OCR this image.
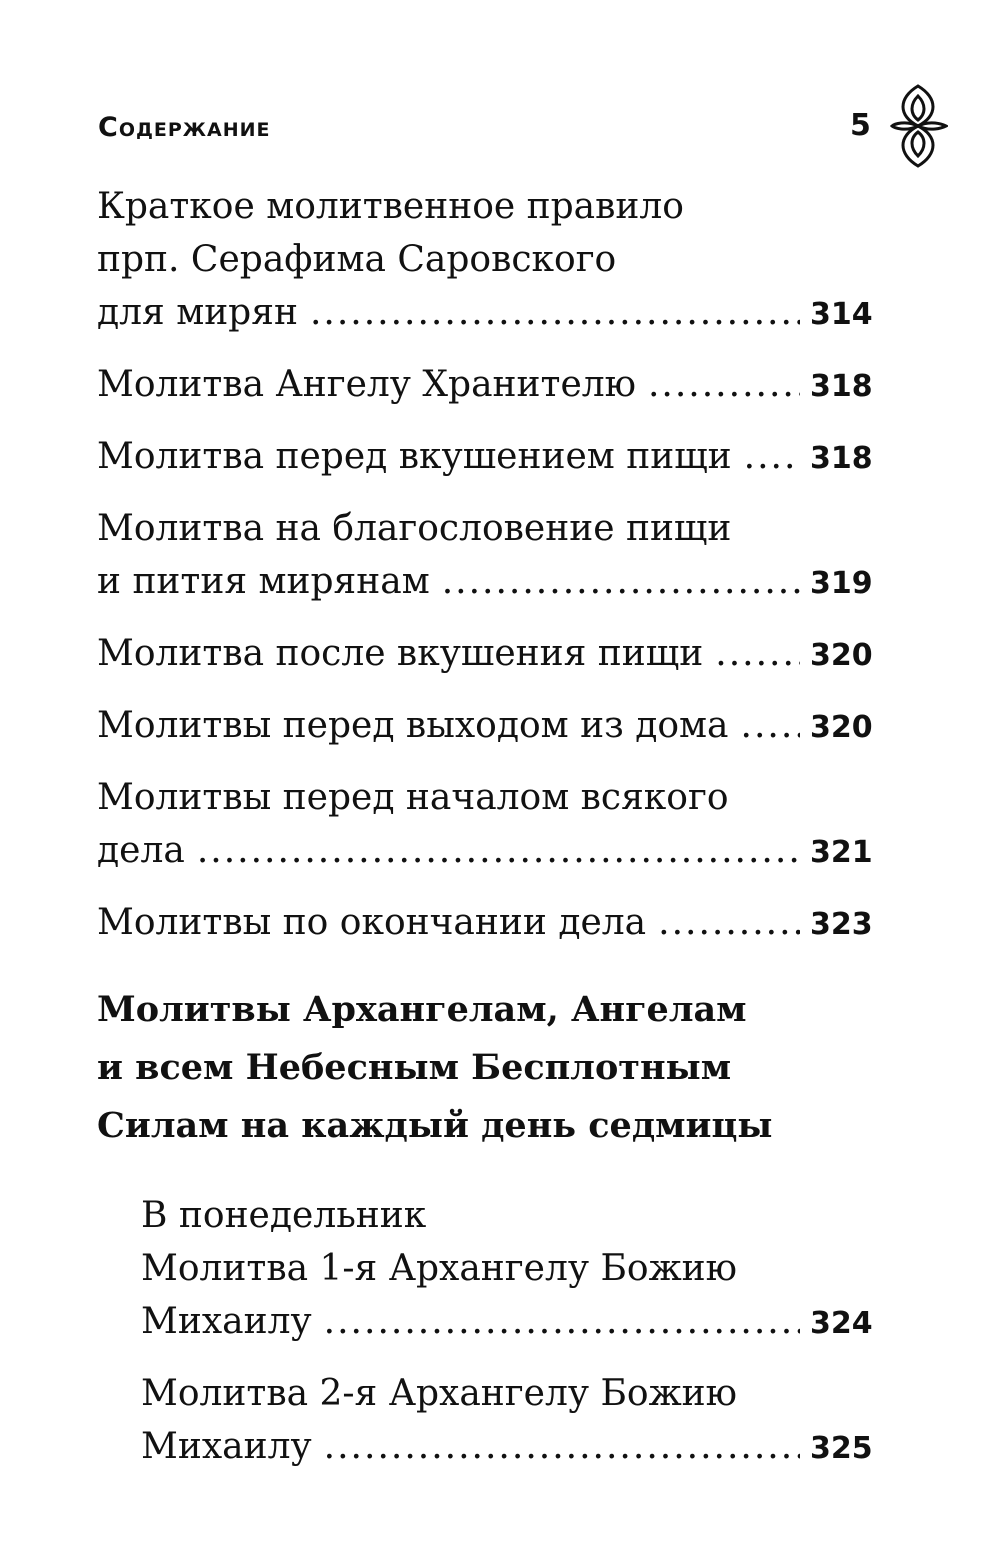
Содержание	5
Краткое молитвенное правило
прп. Серафима Саровского
для мирян .....	314
Молитва Ангелу Хранителю .....	318
Молитва перед вкушением пищи .....	318
Молитва на благословение пищи
и пития мирянам .....	319
Молитва после вкушения пищи .....	320
Молитвы перед выходом из дома .....	320
Молитвы перед началом всякого
дела .....	321
Молитвы по окончании дела .....	323
Молитвы Архангелам, Ангелам
и всем Небесным Бесплотным
Силам на каждый день седмицы
В понедельник
Молитва 1-я Архангелу Божию
Михаилу .....	324
Молитва 2-я Архангелу Божию
Михаилу .....	325
